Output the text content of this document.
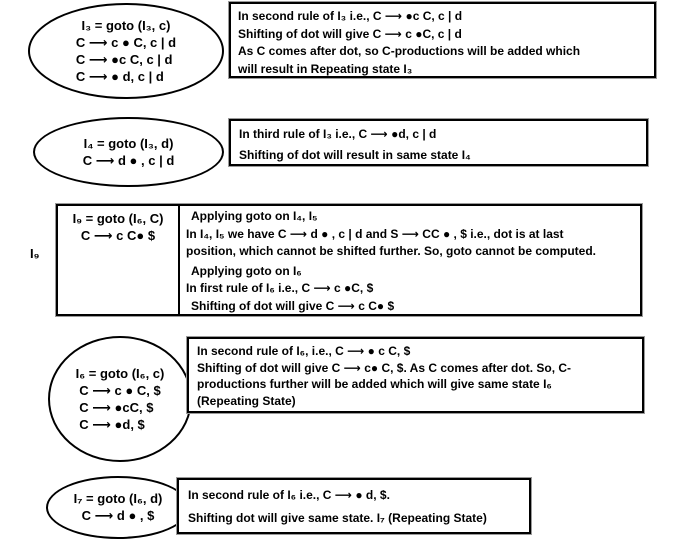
I₃ = goto (I₃, c)
C ⟶ c ● C, c | d
C ⟶ ●c C, c | d
C ⟶ ● d, c | d
In second rule of I₃ i.e., C ⟶ ●c C, c | d
Shifting of dot will give C ⟶ c ●C, c | d
As C comes after dot, so C-productions will be added which
will result in Repeating state I₃
I₄ = goto (I₃, d)
C ⟶ d ● , c | d
In third rule of I₃ i.e., C ⟶ ●d, c | d
Shifting of dot will result in same state I₄
I₉
I₉ = goto (I₆, C)
C ⟶ c C● $
Applying goto on I₄, I₅
In I₄, I₅ we have C ⟶ d ● , c | d and S ⟶ CC ● , $ i.e., dot is at last
position, which cannot be shifted further. So, goto cannot be computed.
Applying goto on I₆
In first rule of I₆ i.e., C ⟶ c ●C, $
Shifting of dot will give C ⟶ c C● $
I₆ = goto (I₆, c)
C ⟶ c ● C, $
C ⟶ ●cC, $
C ⟶ ●d, $
In second rule of I₆, i.e., C ⟶ ● c C, $
Shifting of dot will give C ⟶ c● C, $. As C comes after dot. So, C-
productions further will be added which will give same state I₆
(Repeating State)
I₇ = goto (I₆, d)
C ⟶ d ● , $
In second rule of I₆ i.e., C ⟶ ● d, $.
Shifting dot will give same state. I₇ (Repeating State)
